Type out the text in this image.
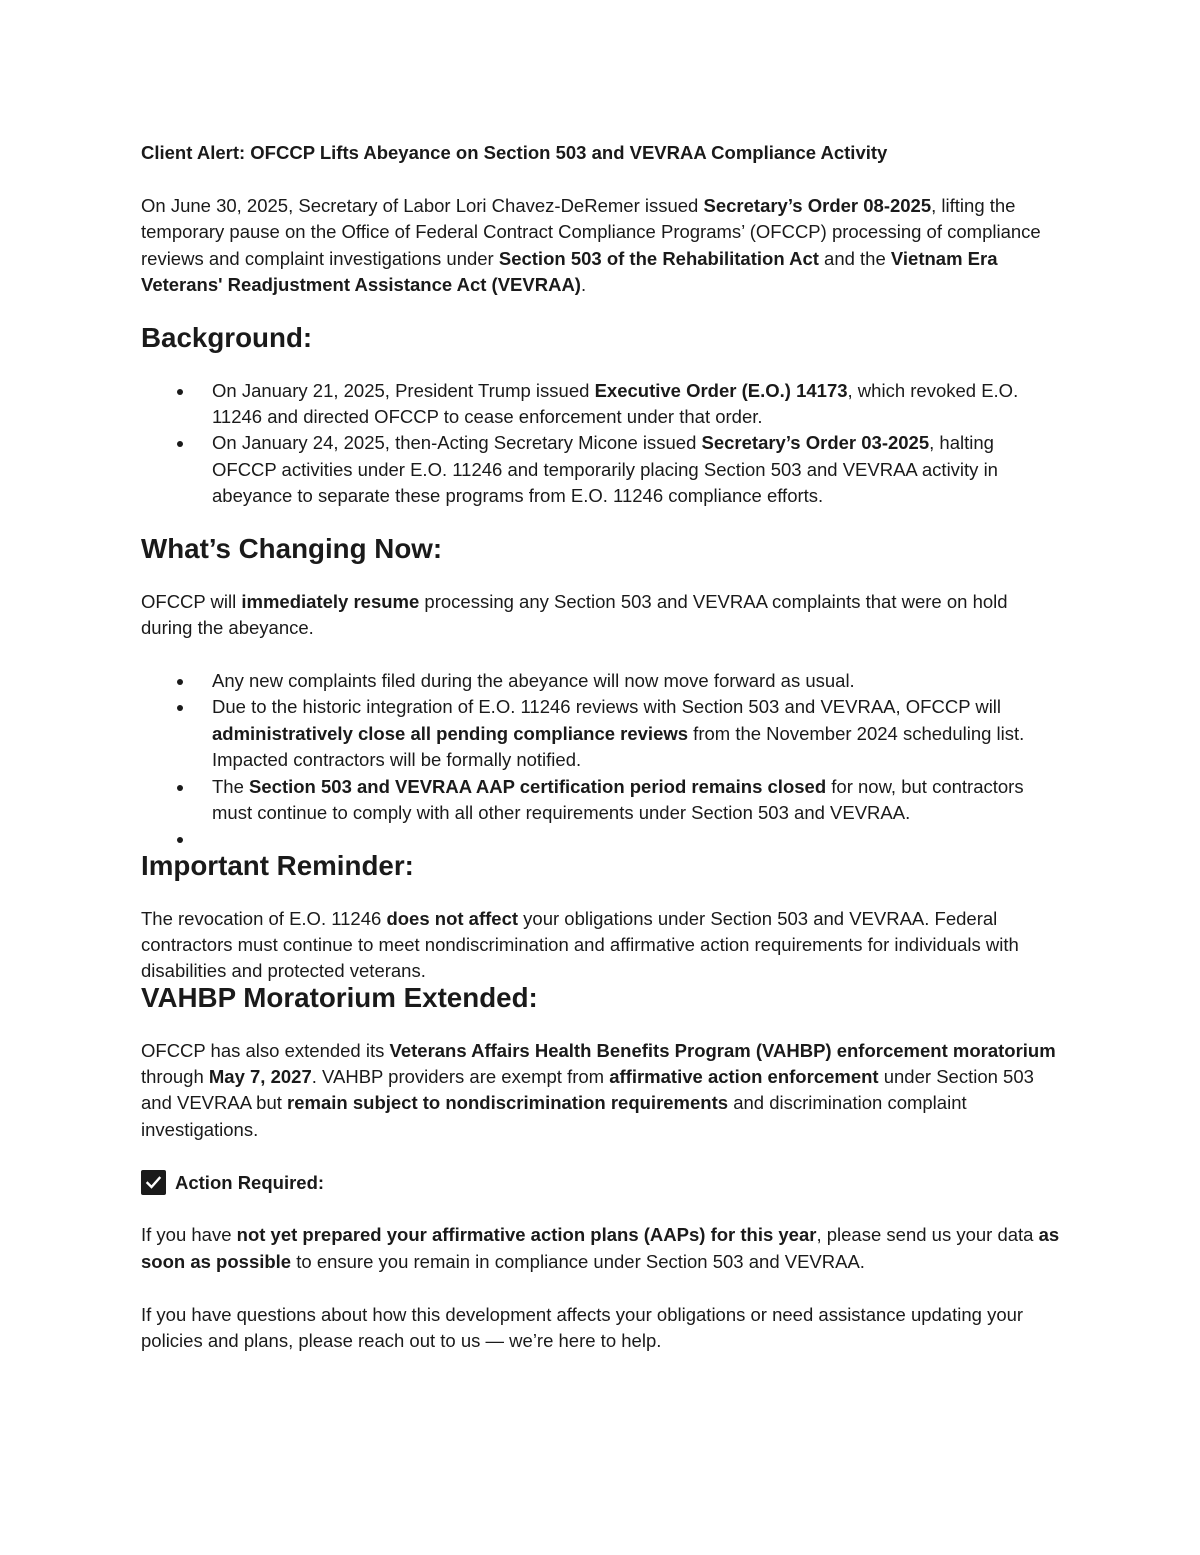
Client Alert: OFCCP Lifts Abeyance on Section 503 and VEVRAA Compliance Activity

On June 30, 2025, Secretary of Labor Lori Chavez-DeRemer issued Secretary’s Order 08-2025, lifting the temporary pause on the Office of Federal Contract Compliance Programs’ (OFCCP) processing of compliance reviews and complaint investigations under Section 503 of the Rehabilitation Act and the Vietnam Era Veterans' Readjustment Assistance Act (VEVRAA).

Background:
On January 21, 2025, President Trump issued Executive Order (E.O.) 14173, which revoked E.O. 11246 and directed OFCCP to cease enforcement under that order.
On January 24, 2025, then-Acting Secretary Micone issued Secretary’s Order 03-2025, halting OFCCP activities under E.O. 11246 and temporarily placing Section 503 and VEVRAA activity in abeyance to separate these programs from E.O. 11246 compliance efforts.
What’s Changing Now:

OFCCP will immediately resume processing any Section 503 and VEVRAA complaints that were on hold during the abeyance.

Any new complaints filed during the abeyance will now move forward as usual.
Due to the historic integration of E.O. 11246 reviews with Section 503 and VEVRAA, OFCCP will administratively close all pending compliance reviews from the November 2024 scheduling list. Impacted contractors will be formally notified.
The Section 503 and VEVRAA AAP certification period remains closed for now, but contractors must continue to comply with all other requirements under Section 503 and VEVRAA.
Important Reminder:

The revocation of E.O. 11246 does not affect your obligations under Section 503 and VEVRAA. Federal contractors must continue to meet nondiscrimination and affirmative action requirements for individuals with disabilities and protected veterans.

VAHBP Moratorium Extended:

OFCCP has also extended its Veterans Affairs Health Benefits Program (VAHBP) enforcement moratorium through May 7, 2027. VAHBP providers are exempt from affirmative action enforcement under Section 503 and VEVRAA but remain subject to nondiscrimination requirements and discrimination complaint investigations.

Action Required:

If you have not yet prepared your affirmative action plans (AAPs) for this year, please send us your data as soon as possible to ensure you remain in compliance under Section 503 and VEVRAA.

If you have questions about how this development affects your obligations or need assistance updating your policies and plans, please reach out to us — we’re here to help.
